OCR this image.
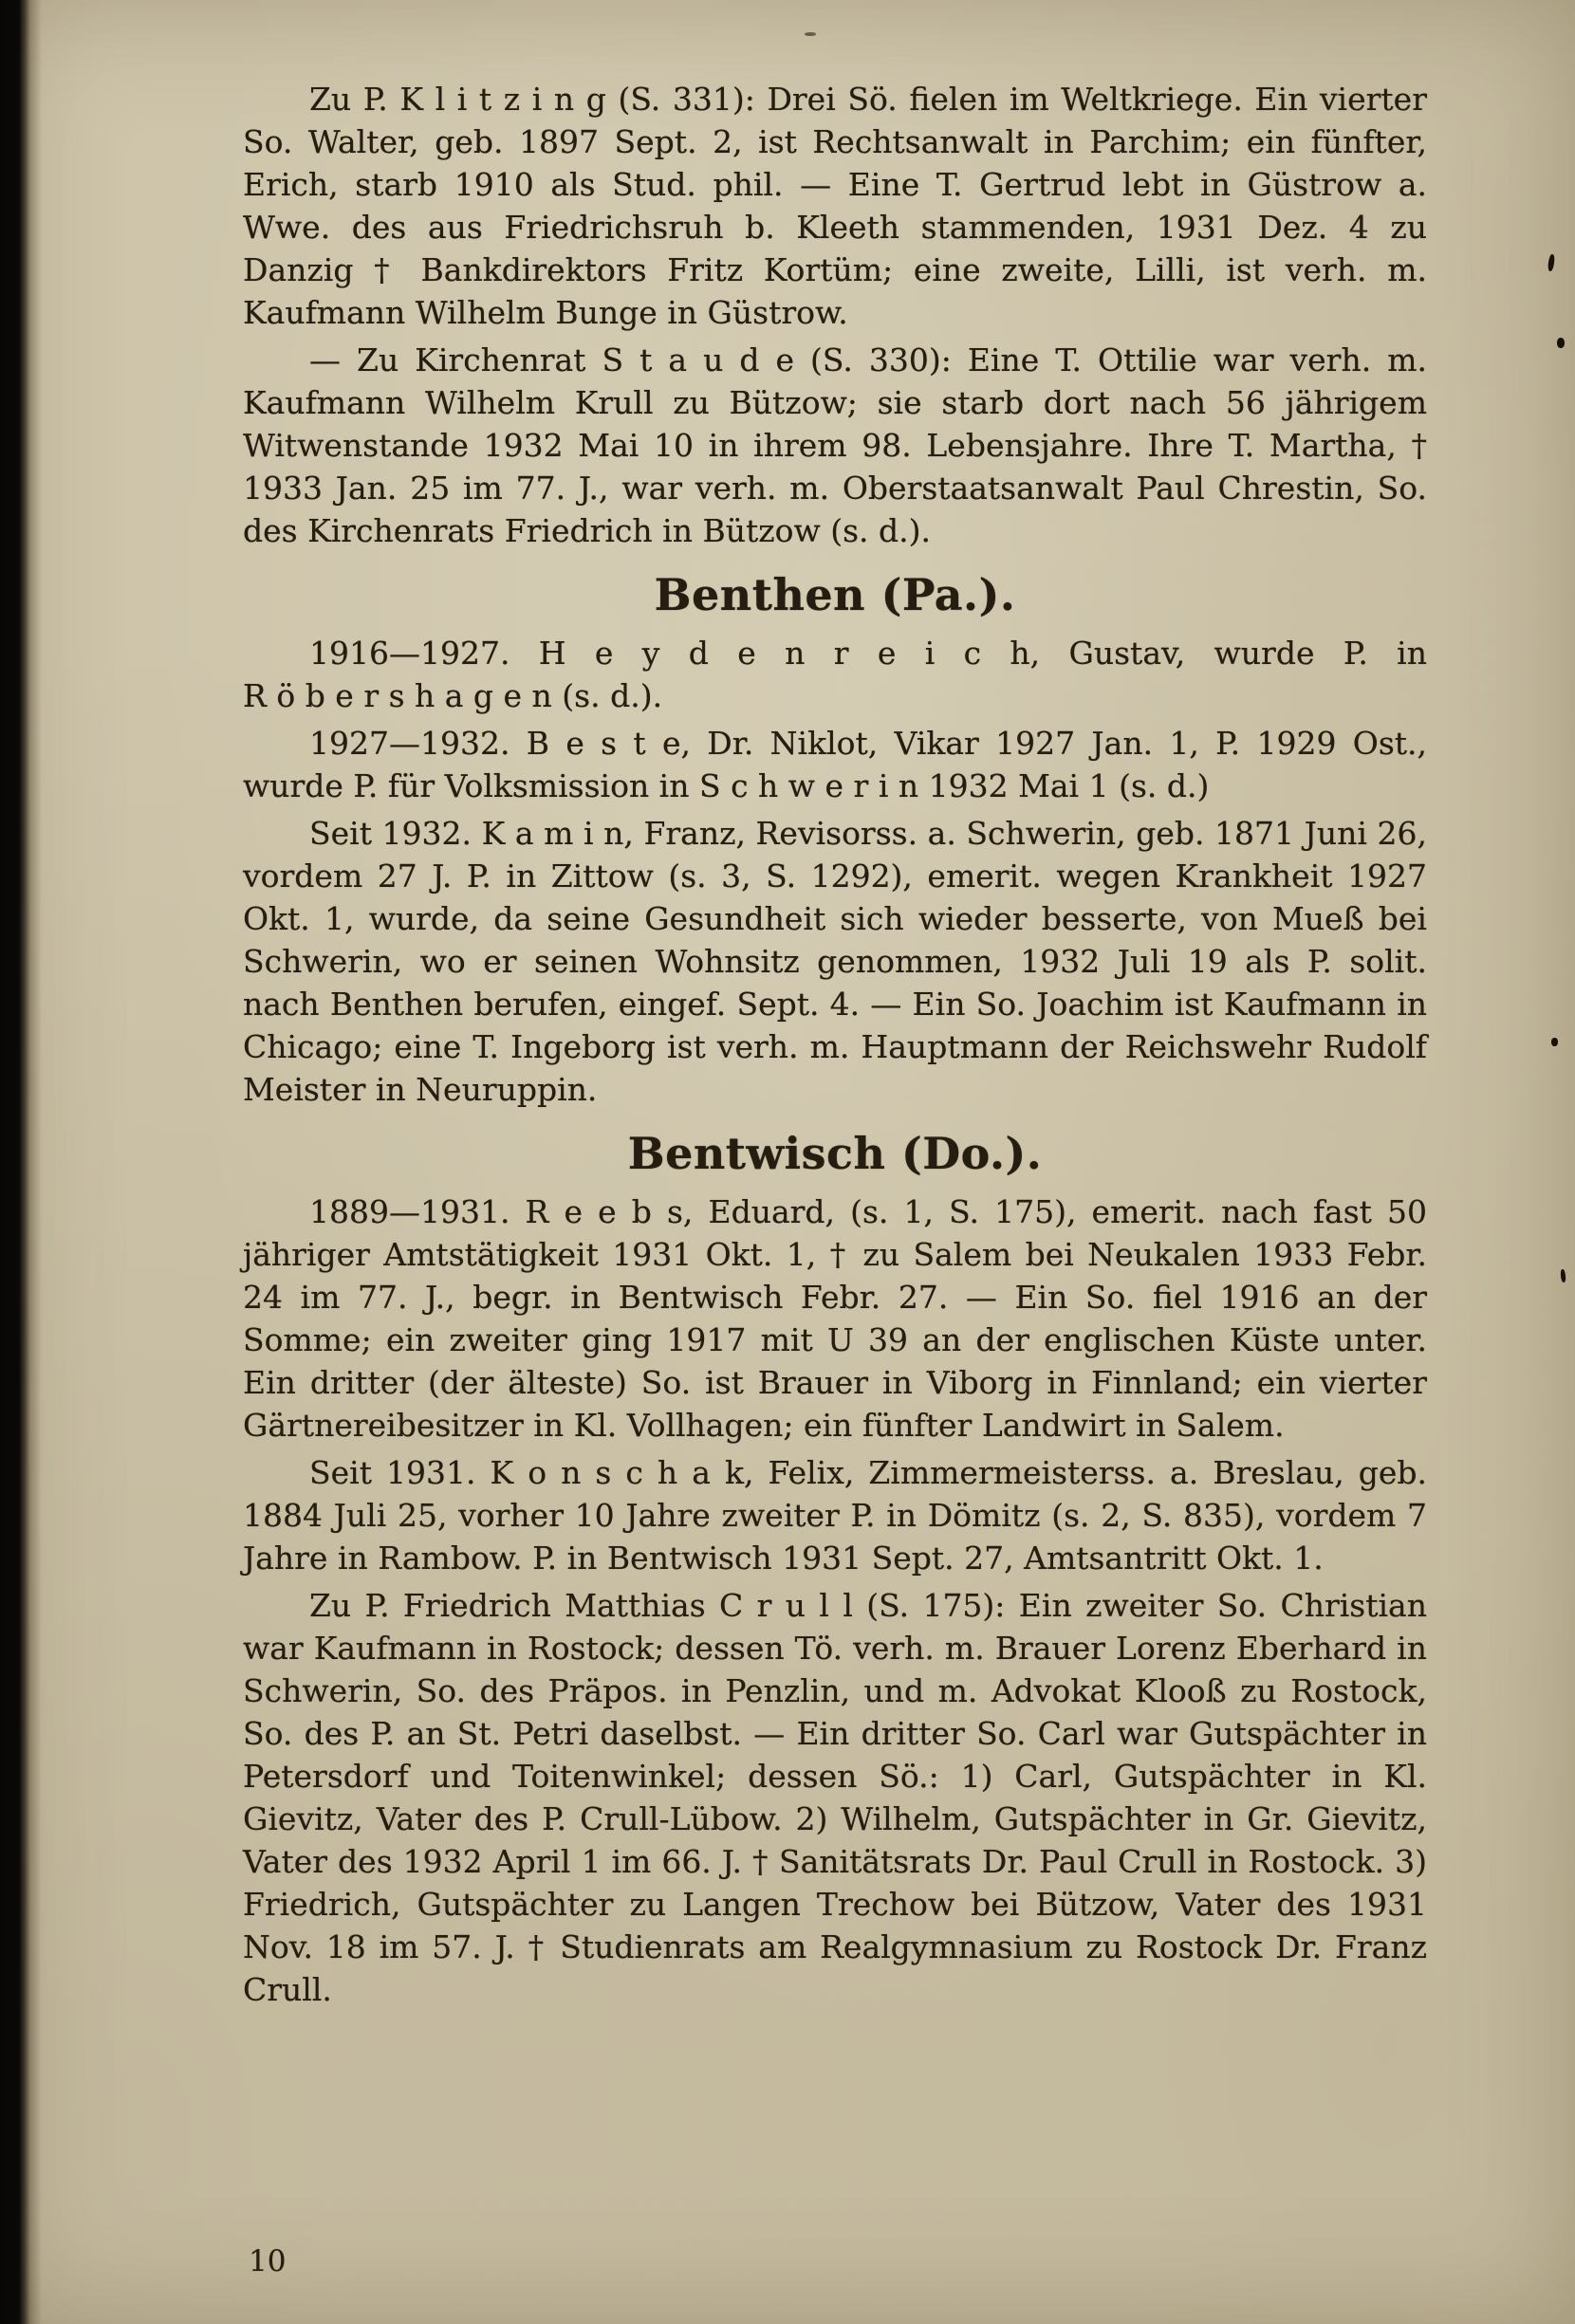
Zu P. K l i t z i n g (S. 331): Drei Sö. fielen im Weltkriege. Ein vierter So. Walter, geb. 1897 Sept. 2, ist Rechtsanwalt in Parchim; ein fünfter, Erich, starb 1910 als Stud. phil. — Eine T. Gertrud lebt in Güstrow a. Wwe. des aus Friedrichsruh b. Kleeth stammenden, 1931 Dez. 4 zu Danzig † Bankdirektors Fritz Kortüm; eine zweite, Lilli, ist verh. m. Kaufmann Wilhelm Bunge in Güstrow.

— Zu Kirchenrat S t a u d e (S. 330): Eine T. Ottilie war verh. m. Kaufmann Wilhelm Krull zu Bützow; sie starb dort nach 56 jährigem Witwenstande 1932 Mai 10 in ihrem 98. Lebensjahre. Ihre T. Martha, † 1933 Jan. 25 im 77. J., war verh. m. Oberstaatsanwalt Paul Chrestin, So. des Kirchenrats Friedrich in Bützow (s. d.).

Benthen (Pa.).

1916—1927. H e y d e n r e i c h, Gustav, wurde P. in R ö b e r s h a g e n (s. d.).

1927—1932. B e s t e, Dr. Niklot, Vikar 1927 Jan. 1, P. 1929 Ost., wurde P. für Volksmission in S c h w e r i n 1932 Mai 1 (s. d.)

Seit 1932. K a m i n, Franz, Revisorss. a. Schwerin, geb. 1871 Juni 26, vordem 27 J. P. in Zittow (s. 3, S. 1292), emerit. wegen Krankheit 1927 Okt. 1, wurde, da seine Gesundheit sich wieder besserte, von Mueß bei Schwerin, wo er seinen Wohnsitz genommen, 1932 Juli 19 als P. solit. nach Benthen berufen, eingef. Sept. 4. — Ein So. Joachim ist Kaufmann in Chicago; eine T. Ingeborg ist verh. m. Hauptmann der Reichswehr Rudolf Meister in Neuruppin.

Bentwisch (Do.).

1889—1931. R e e b s, Eduard, (s. 1, S. 175), emerit. nach fast 50 jähriger Amtstätigkeit 1931 Okt. 1, † zu Salem bei Neukalen 1933 Febr. 24 im 77. J., begr. in Bentwisch Febr. 27. — Ein So. fiel 1916 an der Somme; ein zweiter ging 1917 mit U 39 an der englischen Küste unter. Ein dritter (der älteste) So. ist Brauer in Viborg in Finnland; ein vierter Gärtnereibesitzer in Kl. Vollhagen; ein fünfter Landwirt in Salem.

Seit 1931. K o n s c h a k, Felix, Zimmermeisterss. a. Breslau, geb. 1884 Juli 25, vorher 10 Jahre zweiter P. in Dömitz (s. 2, S. 835), vordem 7 Jahre in Rambow. P. in Bentwisch 1931 Sept. 27, Amtsantritt Okt. 1.

Zu P. Friedrich Matthias C r u l l (S. 175): Ein zweiter So. Christian war Kaufmann in Rostock; dessen Tö. verh. m. Brauer Lorenz Eberhard in Schwerin, So. des Präpos. in Penzlin, und m. Advokat Klooß zu Rostock, So. des P. an St. Petri daselbst. — Ein dritter So. Carl war Gutspächter in Petersdorf und Toitenwinkel; dessen Sö.: 1) Carl, Gutspächter in Kl. Gievitz, Vater des P. Crull-Lübow. 2) Wilhelm, Gutspächter in Gr. Gievitz, Vater des 1932 April 1 im 66. J. † Sanitätsrats Dr. Paul Crull in Rostock. 3) Friedrich, Gutspächter zu Langen Trechow bei Bützow, Vater des 1931 Nov. 18 im 57. J. † Studienrats am Realgymnasium zu Rostock Dr. Franz Crull.

10
